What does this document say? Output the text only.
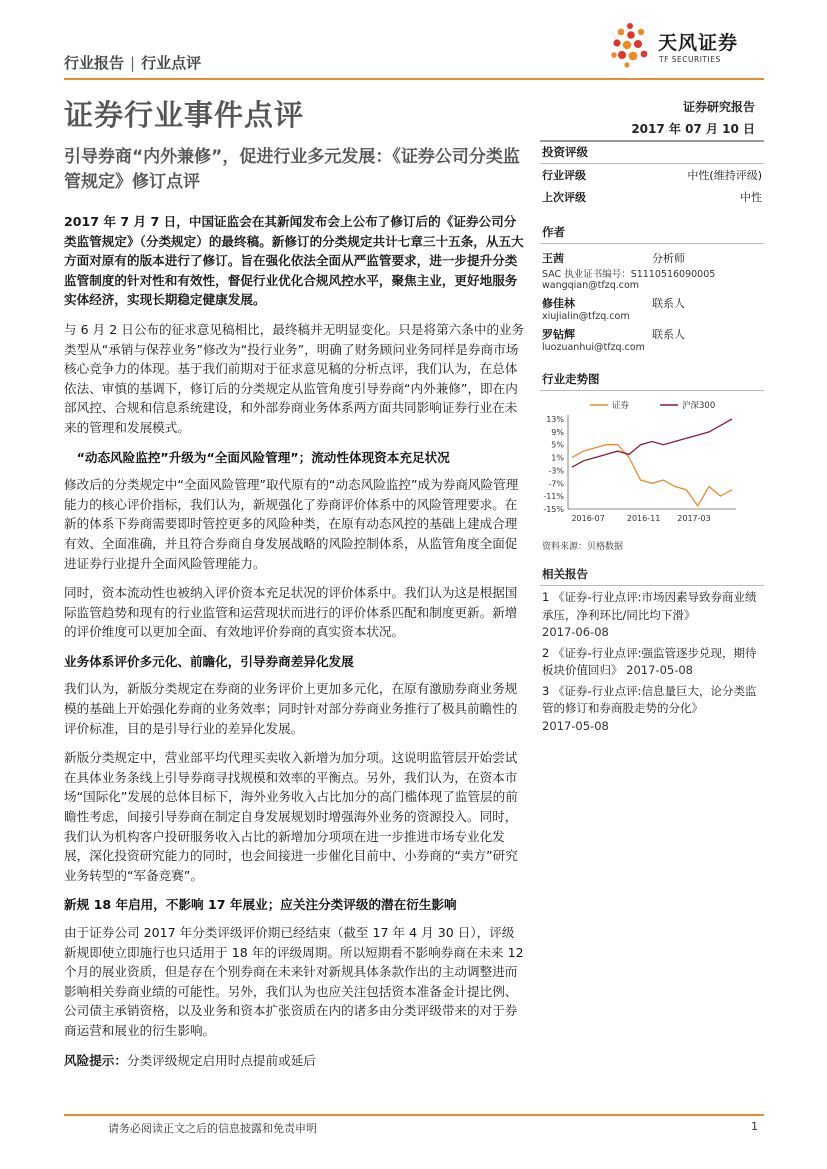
行业报告 | 行业点评
天风证券
TF SECURITIES
证券行业事件点评	证券研究报告
2017 年 07 月 10 日
引导券商“内外兼修”，促进行业多元发展：《证券公司分类监管规定》修订点评

2017 年 7 月 7 日，中国证监会在其新闻发布会上公布了修订后的《证券公司分类监管规定》（分类规定）的最终稿。新修订的分类规定共计七章三十五条，从五大方面对原有的版本进行了修订。旨在强化依法全面从严监管要求，进一步提升分类监管制度的针对性和有效性，督促行业优化合规风控水平，聚焦主业，更好地服务实体经济，实现长期稳定健康发展。

与 6 月 2 日公布的征求意见稿相比，最终稿并无明显变化。只是将第六条中的业务类型从“承销与保荐业务”修改为“投行业务”，明确了财务顾问业务同样是券商市场核心竞争力的体现。基于我们前期对于征求意见稿的分析点评，我们认为，在总体依法、审慎的基调下，修订后的分类规定从监管角度引导券商“内外兼修”，即在内部风控、合规和信息系统建设，和外部券商业务体系两方面共同影响证券行业在未来的管理和发展模式。

“动态风险监控”升级为“全面风险管理”；流动性体现资本充足状况

修改后的分类规定中“全面风险管理”取代原有的“动态风险监控”成为券商风险管理能力的核心评价指标，我们认为，新规强化了券商评价体系中的风险管理要求。在新的体系下券商需要即时管控更多的风险种类，在原有动态风控的基础上建成合理有效、全面准确，并且符合券商自身发展战略的风险控制体系，从监管角度全面促进证券行业提升全面风险管理能力。

同时，资本流动性也被纳入评价资本充足状况的评价体系中。我们认为这是根据国际监管趋势和现有的行业监管和运营现状而进行的评价体系匹配和制度更新。新增的评价维度可以更加全面、有效地评价券商的真实资本状况。

业务体系评价多元化、前瞻化，引导券商差异化发展

我们认为，新版分类规定在券商的业务评价上更加多元化，在原有激励券商业务规模的基础上开始强化券商的业务效率；同时针对部分券商业务推行了极具前瞻性的评价标准，目的是引导行业的差异化发展。

新版分类规定中，营业部平均代理买卖收入新增为加分项。这说明监管层开始尝试在具体业务条线上引导券商寻找规模和效率的平衡点。另外，我们认为，在资本市场“国际化”发展的总体目标下，海外业务收入占比加分的高门槛体现了监管层的前瞻性考虑，间接引导券商在制定自身发展规划时增强海外业务的资源投入。同时，我们认为机构客户投研服务收入占比的新增加分项项在进一步推进市场专业化发展，深化投资研究能力的同时，也会间接进一步催化目前中、小券商的“卖方”研究业务转型的“军备竞赛”。

新规 18 年启用，不影响 17 年展业；应关注分类评级的潜在衍生影响

由于证券公司 2017 年分类评级评价期已经结束（截至 17 年 4 月 30 日），评级新规即使立即施行也只适用于 18 年的评级周期。所以短期看不影响券商在未来 12 个月的展业资质，但是存在个别券商在未来针对新规具体条款作出的主动调整进而影响相关券商业绩的可能性。另外，我们认为也应关注包括资本准备金计提比例、公司债主承销资格，以及业务和资本扩张资质在内的诸多由分类评级带来的对于券商运营和展业的衍生影响。

风险提示：分类评级规定启用时点提前或延后

投资评级
行业评级	中性(维持评级)
上次评级	中性
作者
王茜	分析师
SAC 执业证书编号：S1110516090005
wangqian@tfzq.com
修佳林	联系人
xiujialin@tfzq.com
罗钻辉	联系人
luozuanhui@tfzq.com
行业走势图
13%
9%
5%
1%
-3%
-7%
-11%
-15%
2016-07	2016-11 2017-03
证券	沪深300
资料来源：贝格数据
相关报告
1 《证券-行业点评:市场因素导致券商业绩承压，净利环比/同比均下滑》
2017-06-08
2 《证券-行业点评:强监管逐步兑现，期待板块价值回归》 2017-05-08
3 《证券-行业点评:信息量巨大，论分类监管的修订和券商股走势的分化》
2017-05-08
请务必阅读正文之后的信息披露和免责申明	1
